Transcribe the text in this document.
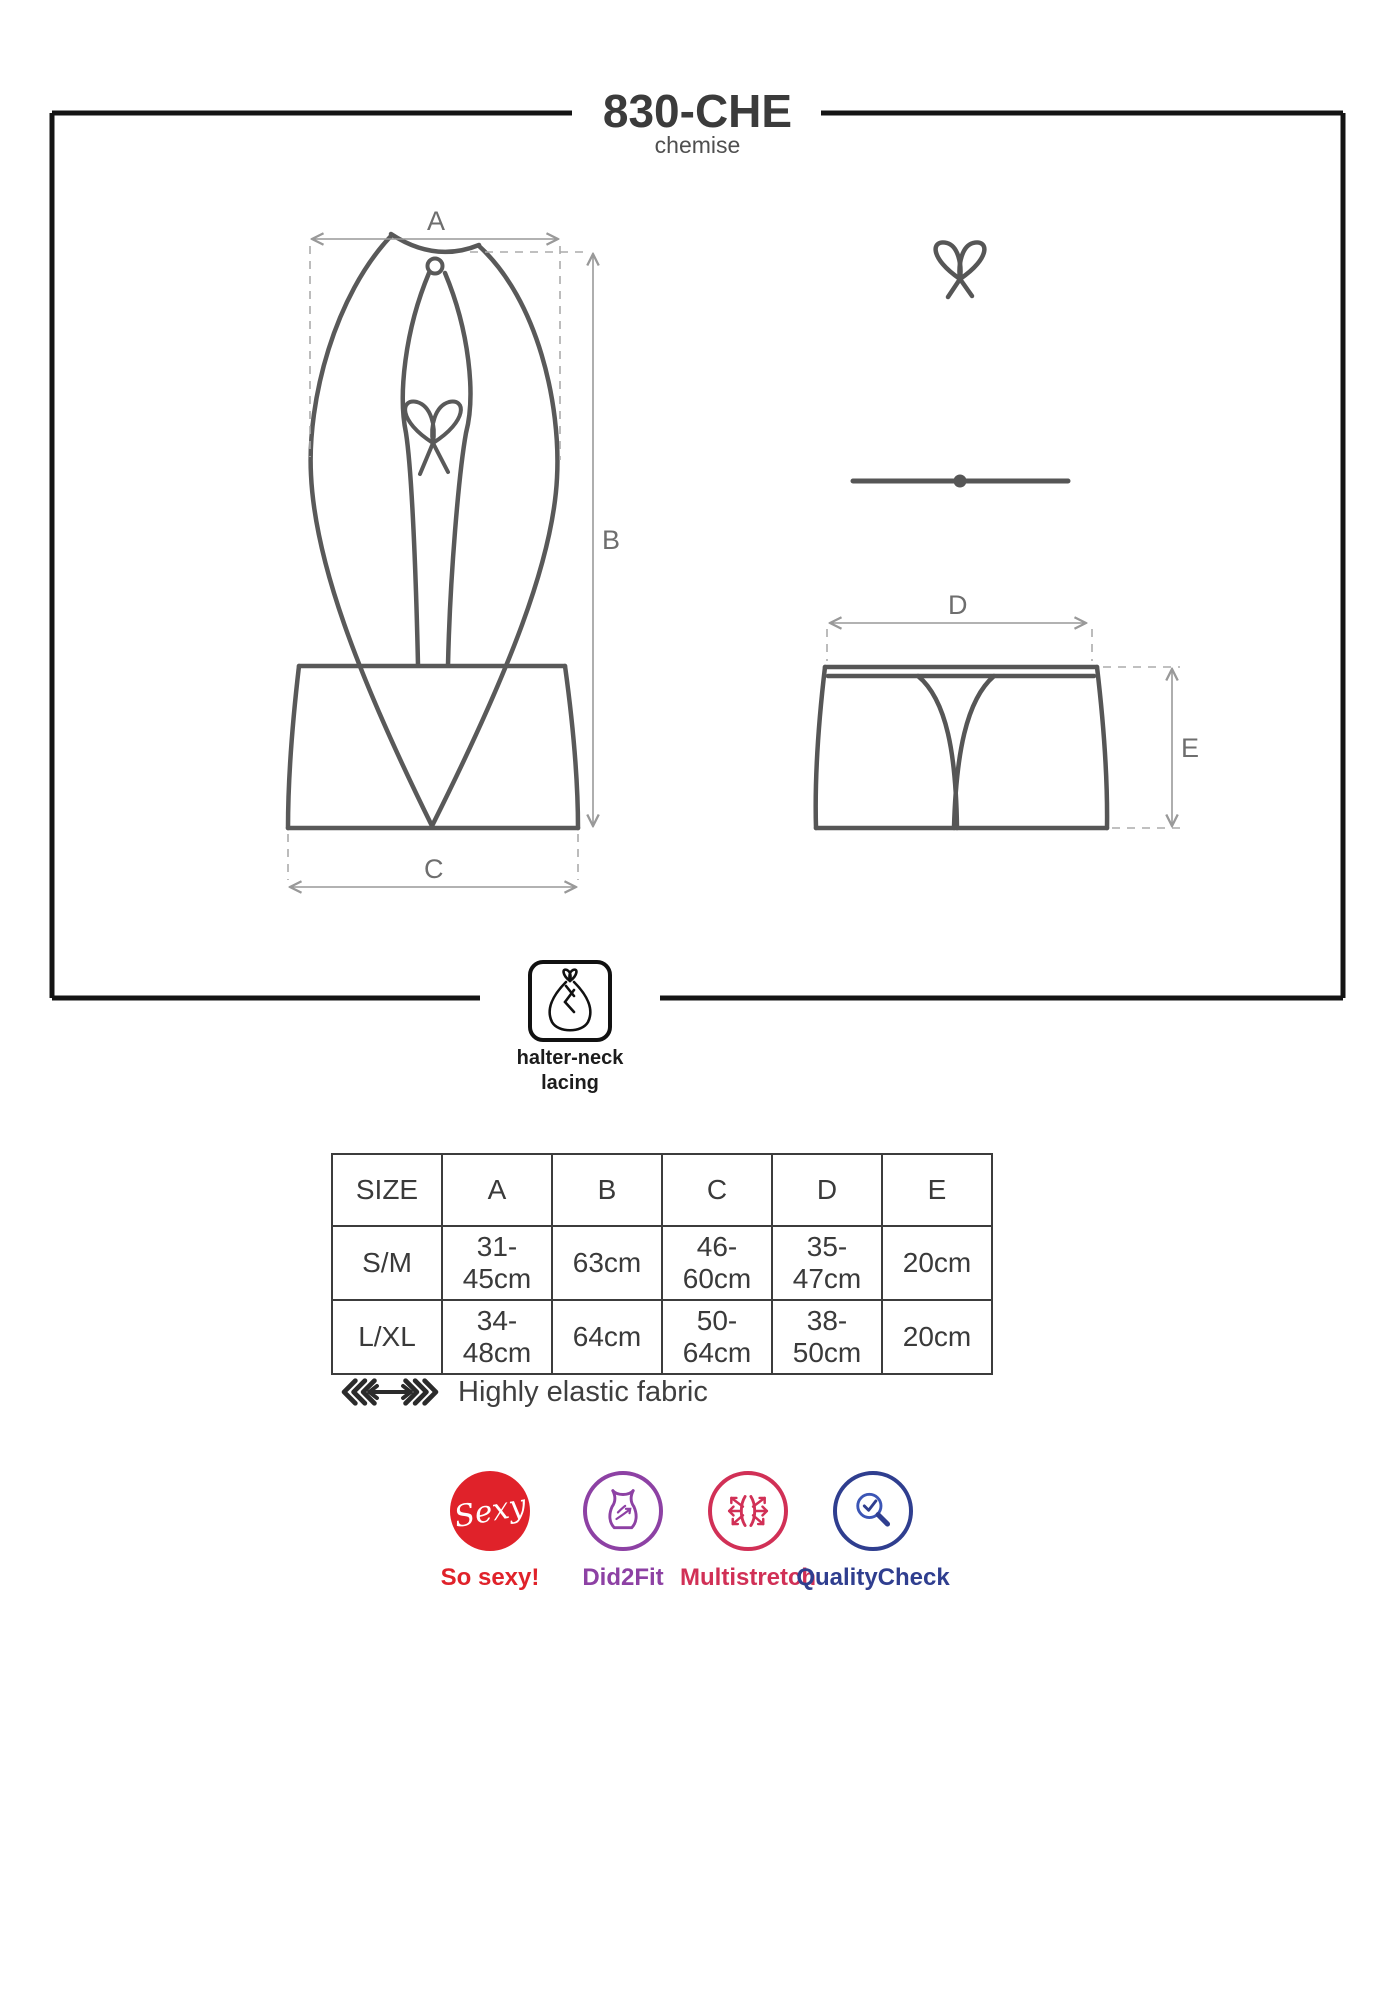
A
B
C
D
E
830-CHE
chemise
halter-neck
lacing
SIZE	A	B	C	D	E
S/M	31-45cm	63cm	46-60cm	35-47cm	20cm
L/XL	34-48cm	64cm	50-64cm	38-50cm	20cm
Highly elastic fabric
Sexy
So sexy! Did2Fit Multistretch
QualityCheck
